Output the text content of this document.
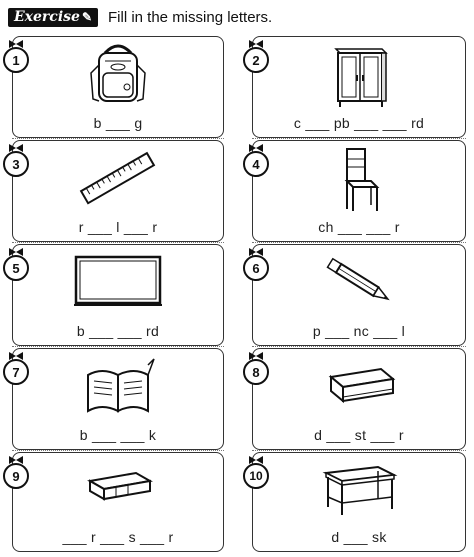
Exercise ✎	Fill in the missing letters.
1
b ___ g
2
c ___ pb ___ ___ rd
3
r ___ l ___ r
4
ch ___ ___ r
5
b ___ ___ rd
6
p ___ nc ___ l
7
b ___ ___ k
8
d ___ st ___ r
9
___ r ___ s ___ r
10
d ___ sk
